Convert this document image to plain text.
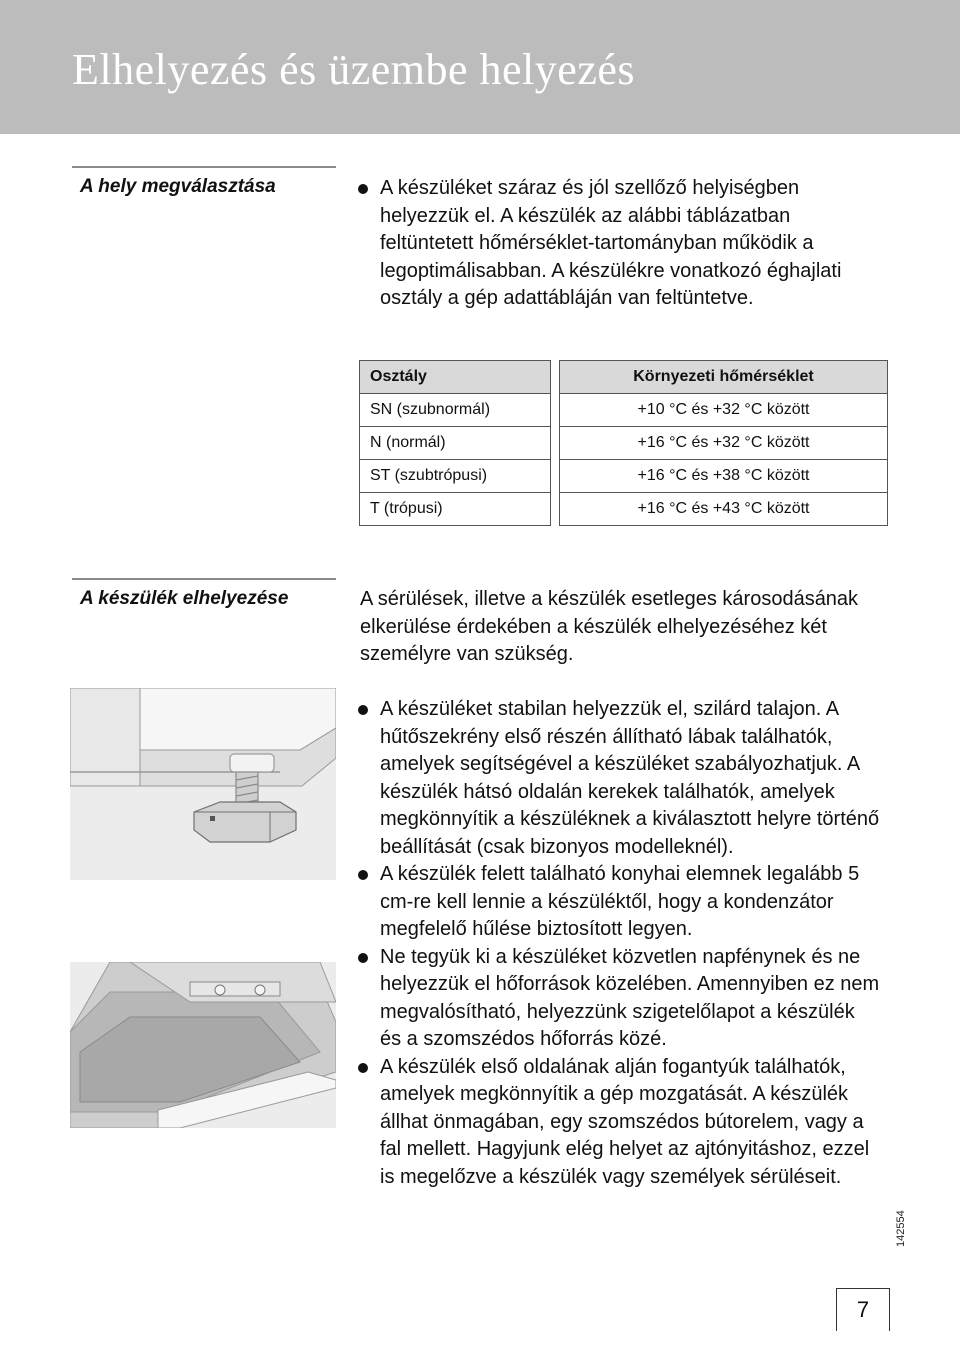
Elhelyezés és üzembe helyezés
A hely megválasztása	A készüléket száraz és jól szellőző helyiségben helyezzük el. A készülék az alábbi táblázatban feltüntetett hőmérséklet-tartományban működik a legoptimálisabban. A készülékre vonatkozó éghajlati osztály a gép adattábláján van feltüntetve.
Osztály		Környezeti hőmérséklet
SN (szubnormál)		+10 °C és +32 °C között
N (normál)		+16 °C és +32 °C között
ST (szubtrópusi)		+16 °C és +38 °C között
T (trópusi)		+16 °C és +43 °C között
A készülék elhelyezése	A sérülések, illetve a készülék esetleges károsodásának elkerülése érdekében a készülék elhelyezéséhez két személyre van szükség.

A készüléket stabilan helyezzük el, szilárd talajon. A hűtőszekrény első részén állítható lábak találhatók, amelyek segítségével a készüléket szabályozhatjuk. A készülék hátsó oldalán kerekek találhatók, amelyek megkönnyítik a készüléknek a kiválasztott helyre történő beállítását (csak bizonyos modelleknél).
A készülék felett található konyhai elemnek legalább 5 cm-re kell lennie a készüléktől, hogy a kondenzátor megfelelő hűlése biztosított legyen.
Ne tegyük ki a készüléket közvetlen napfénynek és ne helyezzük el hőforrások közelében. Amennyiben ez nem megvalósítható, helyezzünk szigetelőlapot a készülék és a szomszédos hőforrás közé.
A készülék első oldalának alján fogantyúk találhatók, amelyek megkönnyítik a gép mozgatását. A készülék állhat önmagában, egy szomszédos bútorelem, vagy a fal mellett. Hagyjunk elég helyet az ajtónyitáshoz, ezzel is megelőzve a készülék vagy személyek sérüléseit.
142554
7
